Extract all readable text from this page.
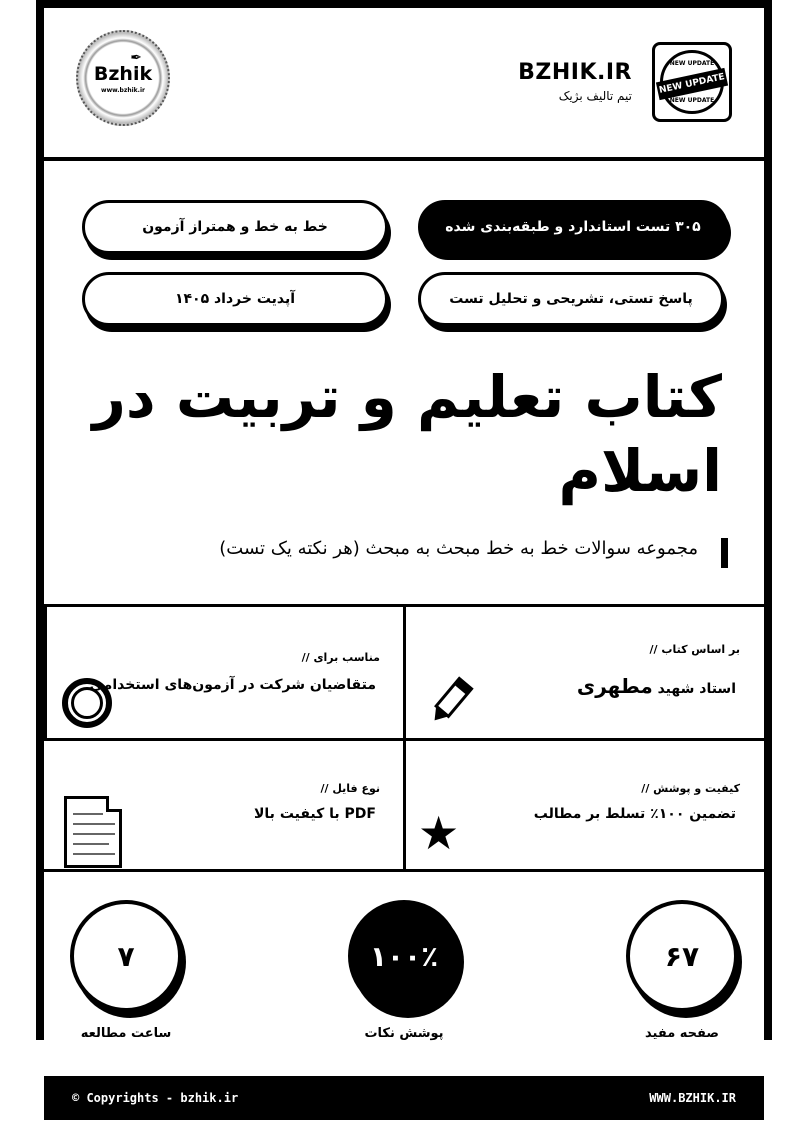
✒
Bzhik
www.bzhik.ir
BZHIK.IR
تیم تالیف بژیک
NEW UPDATE
NEW UPDATE
NEW UPDATE
۳۰۵ تست استاندارد و طبقه‌بندی شده
خط به خط و همتراز آزمون
پاسخ تستی، تشریحی و تحلیل تست
آپدیت خرداد ۱۴۰۵
کتاب تعلیم و تربیت در اسلام
مجموعه سوالات خط به خط مبحث به مبحث (هر نکته یک تست)
بر اساس کتاب //
استاد شهید مطهری
مناسب برای //
متقاضیان شرکت در آزمون‌های استخدامی
کیفیت و پوشش //
تضمین ۱۰۰٪ تسلط بر مطالب
★
نوع فایل //
PDF با کیفیت بالا
۶۷
صفحه مفید
۱۰۰٪
پوشش نکات
۷
ساعت مطالعه
© Copyrights - bzhik.ir	WWW.BZHIK.IR
